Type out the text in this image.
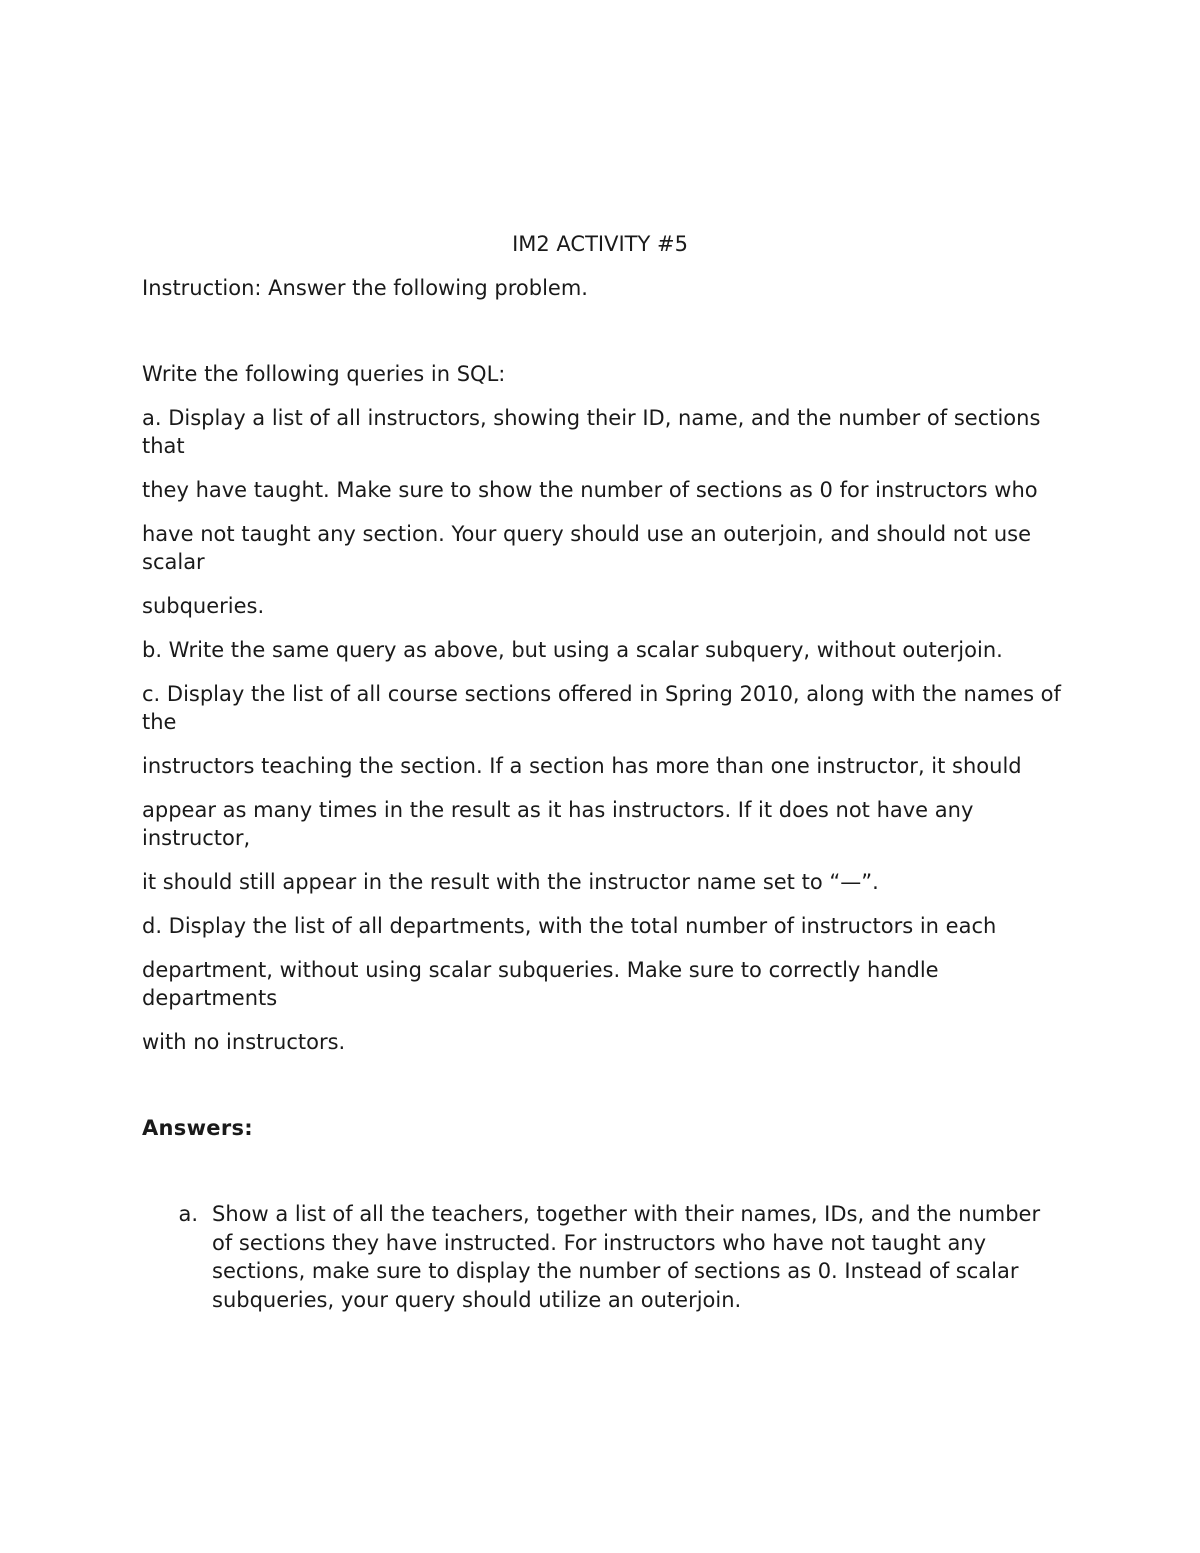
IM2 ACTIVITY #5

Instruction: Answer the following problem.

Write the following queries in SQL:

a. Display a list of all instructors, showing their ID, name, and the number of sections that

they have taught. Make sure to show the number of sections as 0 for instructors who

have not taught any section. Your query should use an outerjoin, and should not use scalar

subqueries.

b. Write the same query as above, but using a scalar subquery, without outerjoin.

c. Display the list of all course sections offered in Spring 2010, along with the names of the

instructors teaching the section. If a section has more than one instructor, it should

appear as many times in the result as it has instructors. If it does not have any instructor,

it should still appear in the result with the instructor name set to “—”.

d. Display the list of all departments, with the total number of instructors in each

department, without using scalar subqueries. Make sure to correctly handle departments

with no instructors.

Answers:

a. Show a list of all the teachers, together with their names, IDs, and the number of sections they have instructed. For instructors who have not taught any sections, make sure to display the number of sections as 0. Instead of scalar subqueries, your query should utilize an outerjoin.
